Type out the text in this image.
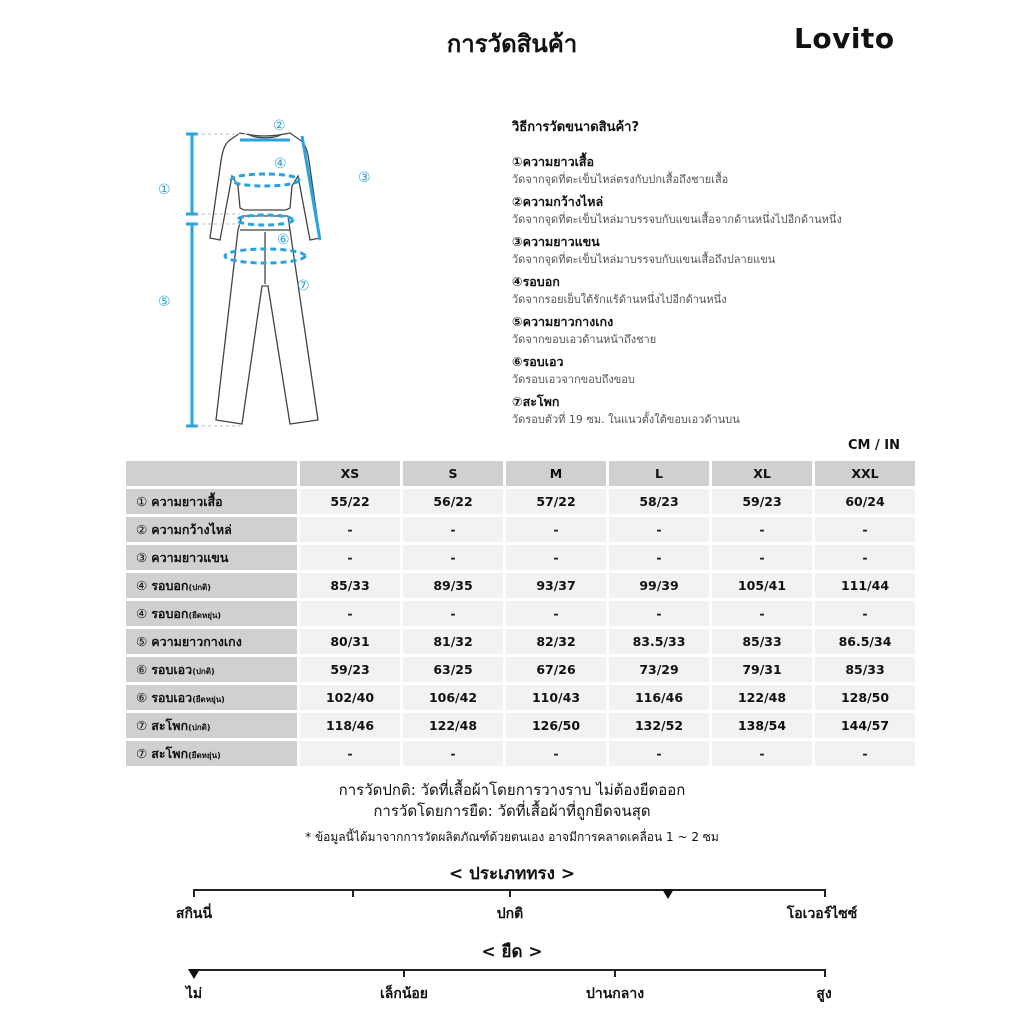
การวัดสินค้า	Lovito
①
②
③
④
⑤
⑥
⑦
วิธีการวัดขนาดสินค้า?
①ความยาวเสื้อ
วัดจากจุดที่ตะเข็บไหล่ตรงกับปกเสื้อถึงชายเสื้อ
②ความกว้างไหล่
วัดจากจุดที่ตะเข็บไหล่มาบรรจบกับแขนเสื้อจากด้านหนึ่งไปอีกด้านหนึ่ง
③ความยาวแขน
วัดจากจุดที่ตะเข็บไหล่มาบรรจบกับแขนเสื้อถึงปลายแขน
④รอบอก
วัดจากรอยเย็บใต้รักแร้ด้านหนึ่งไปอีกด้านหนึ่ง
⑤ความยาวกางเกง
วัดจากขอบเอวด้านหน้าถึงชาย
⑥รอบเอว
วัดรอบเอวจากขอบถึงขอบ
⑦สะโพก
วัดรอบตัวที่ 19 ซม. ในแนวตั้งใต้ขอบเอวด้านบน
CM / IN
	XS	S	M	L	XL	XXL
① ความยาวเสื้อ	55/22	56/22	57/22	58/23	59/23	60/24
② ความกว้างไหล่	-	-	-	-	-	-
③ ความยาวแขน	-	-	-	-	-	-
④ รอบอก(ปกติ)	85/33	89/35	93/37	99/39	105/41	111/44
④ รอบอก(ยืดหยุ่น)	-	-	-	-	-	-
⑤ ความยาวกางเกง	80/31	81/32	82/32	83.5/33	85/33	86.5/34
⑥ รอบเอว(ปกติ)	59/23	63/25	67/26	73/29	79/31	85/33
⑥ รอบเอว(ยืดหยุ่น)	102/40	106/42	110/43	116/46	122/48	128/50
⑦ สะโพก(ปกติ)	118/46	122/48	126/50	132/52	138/54	144/57
⑦ สะโพก(ยืดหยุ่น)	-	-	-	-	-	-
การวัดปกติ: วัดที่เสื้อผ้าโดยการวางราบ ไม่ต้องยืดออก
การวัดโดยการยืด: วัดที่เสื้อผ้าที่ถูกยืดจนสุด
* ข้อมูลนี้ได้มาจากการวัดผลิตภัณฑ์ด้วยตนเอง อาจมีการคลาดเคลื่อน 1 ~ 2 ซม
< ประเภททรง >
สกินนี่	ปกติ	โอเวอร์ไซซ์
< ยืด >
ไม่	เล็กน้อย	ปานกลาง	สูง
